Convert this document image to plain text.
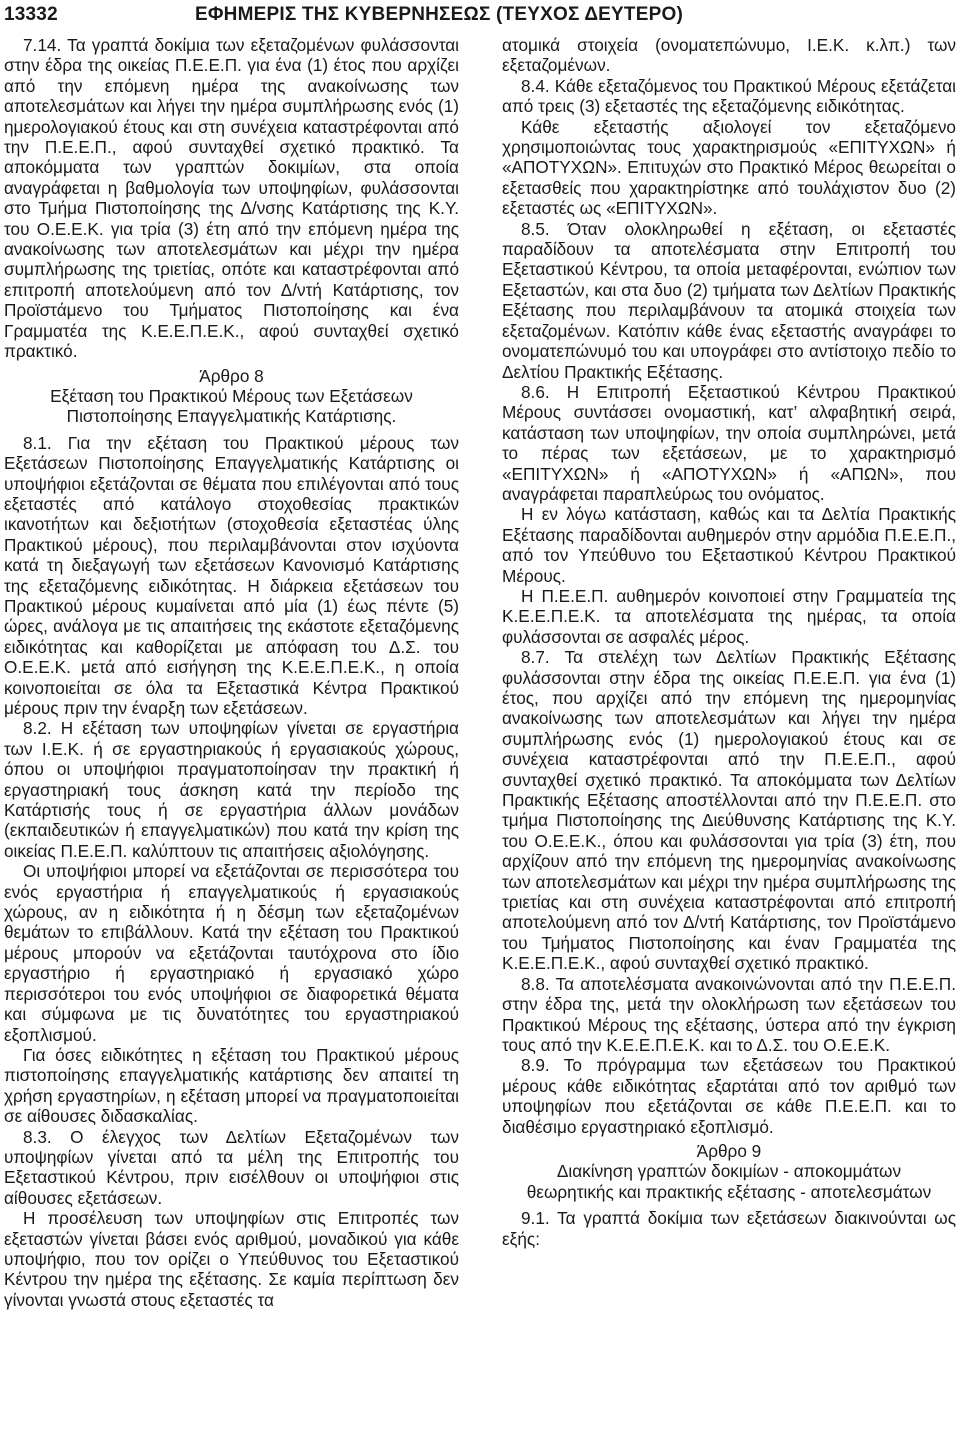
13332	ΕΦΗΜΕΡΙΣ ΤΗΣ ΚΥΒΕΡΝΗΣΕΩΣ (ΤΕΥΧΟΣ ΔΕΥΤΕΡΟ)

7.14. Τα γραπτά δοκίμια των εξεταζομένων φυλάσσονται στην έδρα της οικείας Π.Ε.Ε.Π. για ένα (1) έτος που αρχίζει από την επόμενη ημέρα της ανακοίνωσης των αποτελεσμάτων και λήγει την ημέρα συμπλήρωσης ενός (1) ημερολογιακού έτους και στη συνέχεια καταστρέφονται από την Π.Ε.Ε.Π., αφού συνταχθεί σχετικό πρακτικό. Τα αποκόμματα των γραπτών δοκιμίων, στα οποία αναγράφεται η βαθμολογία των υποψηφίων, φυλάσσονται στο Τμήμα Πιστοποίησης της Δ/νσης Κατάρτισης της Κ.Υ. του Ο.Ε.Ε.Κ. για τρία (3) έτη από την επόμενη ημέρα της ανακοίνωσης των αποτελεσμάτων και μέχρι την ημέρα συμπλήρωσης της τριετίας, οπότε και καταστρέφονται από επιτροπή αποτελούμενη από τον Δ/ντή Κατάρτισης, τον Προϊστάμενο του Τμήματος Πιστοποίησης και ένα Γραμματέα της Κ.Ε.Ε.Π.Ε.Κ., αφού συνταχθεί σχετικό πρακτικό.

Άρθρο 8
Εξέταση του Πρακτικού Μέρους των Εξετάσεων
Πιστοποίησης Επαγγελματικής Κατάρτισης.

8.1. Για την εξέταση του Πρακτικού μέρους των Εξετάσεων Πιστοποίησης Επαγγελματικής Κατάρτισης οι υποψήφιοι εξετάζονται σε θέματα που επιλέγονται από τους εξεταστές από κατάλογο στοχοθεσίας πρακτικών ικανοτήτων και δεξιοτήτων (στοχοθεσία εξεταστέας ύλης Πρακτικού μέρους), που περιλαμβάνονται στον ισχύοντα κατά τη διεξαγωγή των εξετάσεων Κανονισμό Κατάρτισης της εξεταζόμενης ειδικότητας. Η διάρκεια εξετάσεων του Πρακτικού μέρους κυμαίνεται από μία (1) έως πέντε (5) ώρες, ανάλογα με τις απαιτήσεις της εκάστοτε εξεταζόμενης ειδικότητας και καθορίζεται με απόφαση του Δ.Σ. του Ο.Ε.Ε.Κ. μετά από εισήγηση της Κ.Ε.Ε.Π.Ε.Κ., η οποία κοινοποιείται σε όλα τα Εξεταστικά Κέντρα Πρακτικού μέρους πριν την έναρξη των εξετάσεων.

8.2. Η εξέταση των υποψηφίων γίνεται σε εργαστήρια των Ι.Ε.Κ. ή σε εργαστηριακούς ή εργασιακούς χώρους, όπου οι υποψήφιοι πραγματοποίησαν την πρακτική ή εργαστηριακή τους άσκηση κατά την περίοδο της Κατάρτισής τους ή σε εργαστήρια άλλων μονάδων (εκπαιδευτικών ή επαγγελματικών) που κατά την κρίση της οικείας Π.Ε.Ε.Π. καλύπτουν τις απαιτήσεις αξιολόγησης.

Οι υποψήφιοι μπορεί να εξετάζονται σε περισσότερα του ενός εργαστήρια ή επαγγελματικούς ή εργασιακούς χώρους, αν η ειδικότητα ή η δέσμη των εξεταζομένων θεμάτων το επιβάλλουν. Κατά την εξέταση του Πρακτικού μέρους μπορούν να εξετάζονται ταυτόχρονα στο ίδιο εργαστήριο ή εργαστηριακό ή εργασιακό χώρο περισσότεροι του ενός υποψήφιοι σε διαφορετικά θέματα και σύμφωνα με τις δυνατότητες του εργαστηριακού εξοπλισμού.

Για όσες ειδικότητες η εξέταση του Πρακτικού μέρους πιστοποίησης επαγγελματικής κατάρτισης δεν απαιτεί τη χρήση εργαστηρίων, η εξέταση μπορεί να πραγματοποιείται σε αίθουσες διδασκαλίας.

8.3. Ο έλεγχος των Δελτίων Εξεταζομένων των υποψηφίων γίνεται από τα μέλη της Επιτροπής του Εξεταστικού Κέντρου, πριν εισέλθουν οι υποψήφιοι στις αίθουσες εξετάσεων.

Η προσέλευση των υποψηφίων στις Επιτροπές των εξεταστών γίνεται βάσει ενός αριθμού, μοναδικού για κάθε υποψήφιο, που τον ορίζει ο Υπεύθυνος του Εξεταστικού Κέντρου την ημέρα της εξέτασης. Σε καμία περίπτωση δεν γίνονται γνωστά στους εξεταστές τα

ατομικά στοιχεία (ονοματεπώνυμο, Ι.Ε.Κ. κ.λπ.) των εξεταζομένων.

8.4. Κάθε εξεταζόμενος του Πρακτικού Μέρους εξετάζεται από τρεις (3) εξεταστές της εξεταζόμενης ειδικότητας.

Κάθε εξεταστής αξιολογεί τον εξεταζόμενο χρησιμοποιώντας τους χαρακτηρισμούς «ΕΠΙΤΥΧΩΝ» ή «ΑΠΟΤΥΧΩΝ». Επιτυχών στο Πρακτικό Μέρος θεωρείται ο εξετασθείς που χαρακτηρίστηκε από τουλάχιστον δυο (2) εξεταστές ως «ΕΠΙΤΥΧΩΝ».

8.5. Όταν ολοκληρωθεί η εξέταση, οι εξεταστές παραδίδουν τα αποτελέσματα στην Επιτροπή του Εξεταστικού Κέντρου, τα οποία μεταφέρονται, ενώπιον των Εξεταστών, και στα δυο (2) τμήματα των Δελτίων Πρακτικής Εξέτασης που περιλαμβάνουν τα ατομικά στοιχεία των εξεταζομένων. Κατόπιν κάθε ένας εξεταστής αναγράφει το ονοματεπώνυμό του και υπογράφει στο αντίστοιχο πεδίο το Δελτίου Πρακτικής Εξέτασης.

8.6. Η Επιτροπή Εξεταστικού Κέντρου Πρακτικού Μέρους συντάσσει ονομαστική, κατ’ αλφαβητική σειρά, κατάσταση των υποψηφίων, την οποία συμπληρώνει, μετά το πέρας των εξετάσεων, με το χαρακτηρισμό «ΕΠΙΤΥΧΩΝ» ή «ΑΠΟΤΥΧΩΝ» ή «ΑΠΩΝ», που αναγράφεται παραπλεύρως του ονόματος.

Η εν λόγω κατάσταση, καθώς και τα Δελτία Πρακτικής Εξέτασης παραδίδονται αυθημερόν στην αρμόδια Π.Ε.Ε.Π., από τον Υπεύθυνο του Εξεταστικού Κέντρου Πρακτικού Μέρους.

Η Π.Ε.Ε.Π. αυθημερόν κοινοποιεί στην Γραμματεία της Κ.Ε.Ε.Π.Ε.Κ. τα αποτελέσματα της ημέρας, τα οποία φυλάσσονται σε ασφαλές μέρος.

8.7. Τα στελέχη των Δελτίων Πρακτικής Εξέτασης φυλάσσονται στην έδρα της οικείας Π.Ε.Ε.Π. για ένα (1) έτος, που αρχίζει από την επόμενη της ημερομηνίας ανακοίνωσης των αποτελεσμάτων και λήγει την ημέρα συμπλήρωσης ενός (1) ημερολογιακού έτους και σε συνέχεια καταστρέφονται από την Π.Ε.Ε.Π., αφού συνταχθεί σχετικό πρακτικό. Τα αποκόμματα των Δελτίων Πρακτικής Εξέτασης αποστέλλονται από την Π.Ε.Ε.Π. στο τμήμα Πιστοποίησης της Διεύθυνσης Κατάρτισης της Κ.Υ. του Ο.Ε.Ε.Κ., όπου και φυλάσσονται για τρία (3) έτη, που αρχίζουν από την επόμενη της ημερομηνίας ανακοίνωσης των αποτελεσμάτων και μέχρι την ημέρα συμπλήρωσης της τριετίας και στη συνέχεια καταστρέφονται από επιτροπή αποτελούμενη από τον Δ/ντή Κατάρτισης, τον Προϊστάμενο του Τμήματος Πιστοποίησης και έναν Γραμματέα της Κ.Ε.Ε.Π.Ε.Κ., αφού συνταχθεί σχετικό πρακτικό.

8.8. Τα αποτελέσματα ανακοινώνονται από την Π.Ε.Ε.Π. στην έδρα της, μετά την ολοκλήρωση των εξετάσεων του Πρακτικού Μέρους της εξέτασης, ύστερα από την έγκριση τους από την Κ.Ε.Ε.Π.Ε.Κ. και το Δ.Σ. του Ο.Ε.Ε.Κ.

8.9. Το πρόγραμμα των εξετάσεων του Πρακτικού μέρους κάθε ειδικότητας εξαρτάται από τον αριθμό των υποψηφίων που εξετάζονται σε κάθε Π.Ε.Ε.Π. και το διαθέσιμο εργαστηριακό εξοπλισμό.

Άρθρο 9
Διακίνηση γραπτών δοκιμίων - αποκομμάτων
θεωρητικής και πρακτικής εξέτασης - αποτελεσμάτων

9.1. Τα γραπτά δοκίμια των εξετάσεων διακινούνται ως εξής:
